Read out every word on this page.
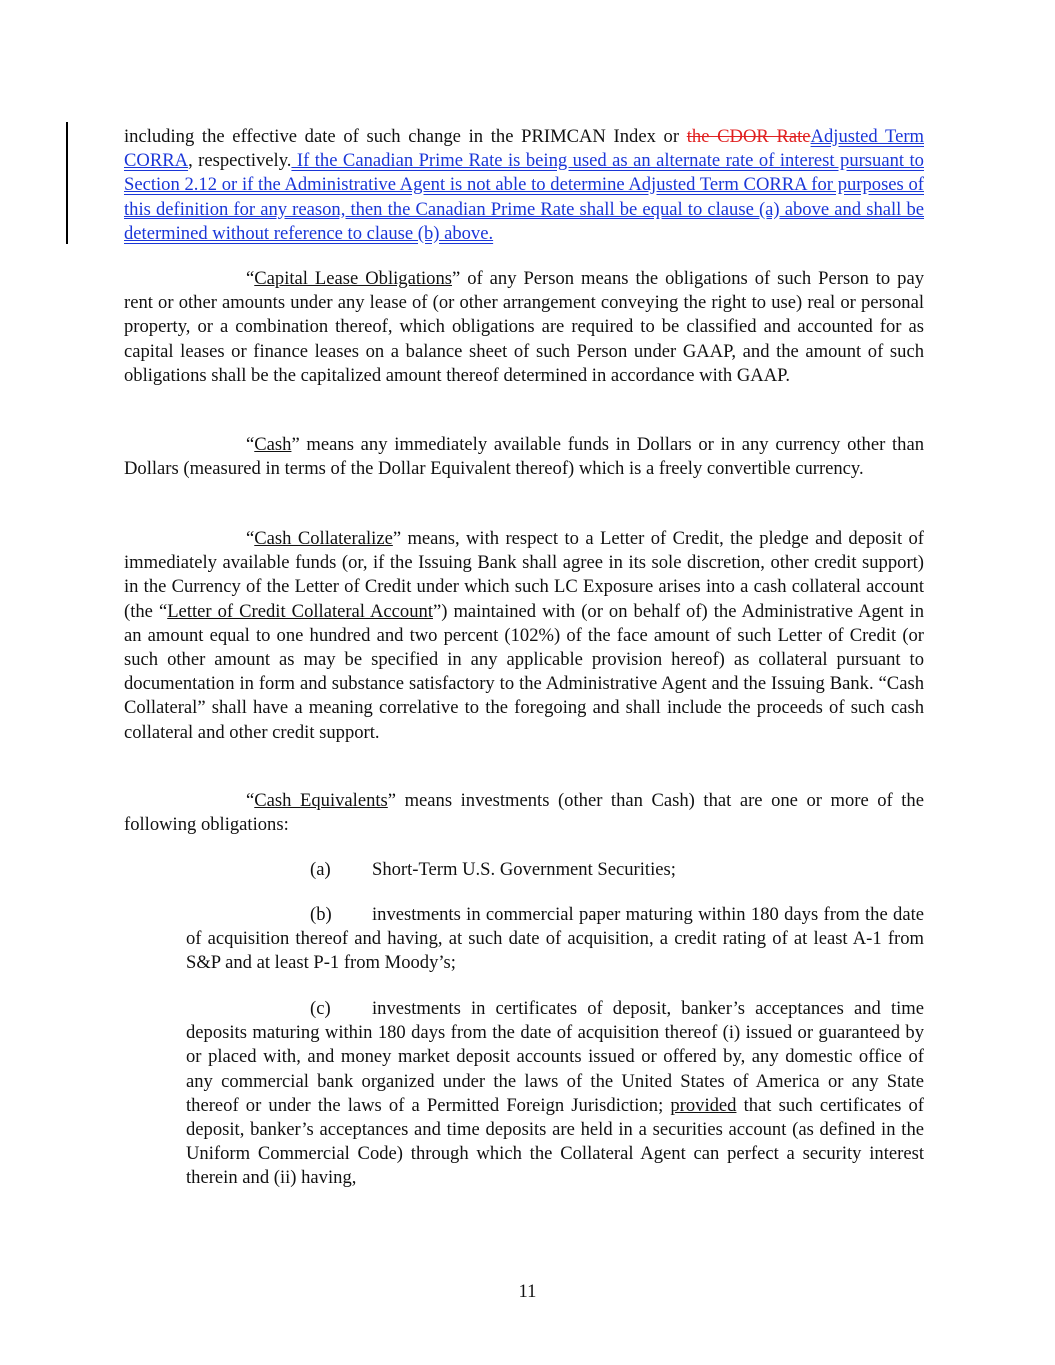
including the effective date of such change in the PRIMCAN Index or the CDOR RateAdjusted Term CORRA, respectively. If the Canadian Prime Rate is being used as an alternate rate of interest pursuant to Section 2.12 or if the Administrative Agent is not able to determine Adjusted Term CORRA for purposes of this definition for any reason, then the Canadian Prime Rate shall be equal to clause (a) above and shall be determined without reference to clause (b) above.

“Capital Lease Obligations” of any Person means the obligations of such Person to pay rent or other amounts under any lease of (or other arrangement conveying the right to use) real or personal property, or a combination thereof, which obligations are required to be classified and accounted for as capital leases or finance leases on a balance sheet of such Person under GAAP, and the amount of such obligations shall be the capitalized amount thereof determined in accordance with GAAP.

“Cash” means any immediately available funds in Dollars or in any currency other than Dollars (measured in terms of the Dollar Equivalent thereof) which is a freely convertible currency.

“Cash Collateralize” means, with respect to a Letter of Credit, the pledge and deposit of immediately available funds (or, if the Issuing Bank shall agree in its sole discretion, other credit support) in the Currency of the Letter of Credit under which such LC Exposure arises into a cash collateral account (the “Letter of Credit Collateral Account”) maintained with (or on behalf of) the Administrative Agent in an amount equal to one hundred and two percent (102%) of the face amount of such Letter of Credit (or such other amount as may be specified in any applicable provision hereof) as collateral pursuant to documentation in form and substance satisfactory to the Administrative Agent and the Issuing Bank. “Cash Collateral” shall have a meaning correlative to the foregoing and shall include the proceeds of such cash collateral and other credit support.

“Cash Equivalents” means investments (other than Cash) that are one or more of the following obligations:

(a) Short-Term U.S. Government Securities;

(b) investments in commercial paper maturing within 180 days from the date of acquisition thereof and having, at such date of acquisition, a credit rating of at least A-1 from S&P and at least P-1 from Moody’s;

(c) investments in certificates of deposit, banker’s acceptances and time deposits maturing within 180 days from the date of acquisition thereof (i) issued or guaranteed by or placed with, and money market deposit accounts issued or offered by, any domestic office of any commercial bank organized under the laws of the United States of America or any State thereof or under the laws of a Permitted Foreign Jurisdiction; provided that such certificates of deposit, banker’s acceptances and time deposits are held in a securities account (as defined in the Uniform Commercial Code) through which the Collateral Agent can perfect a security interest therein and (ii) having,

11
